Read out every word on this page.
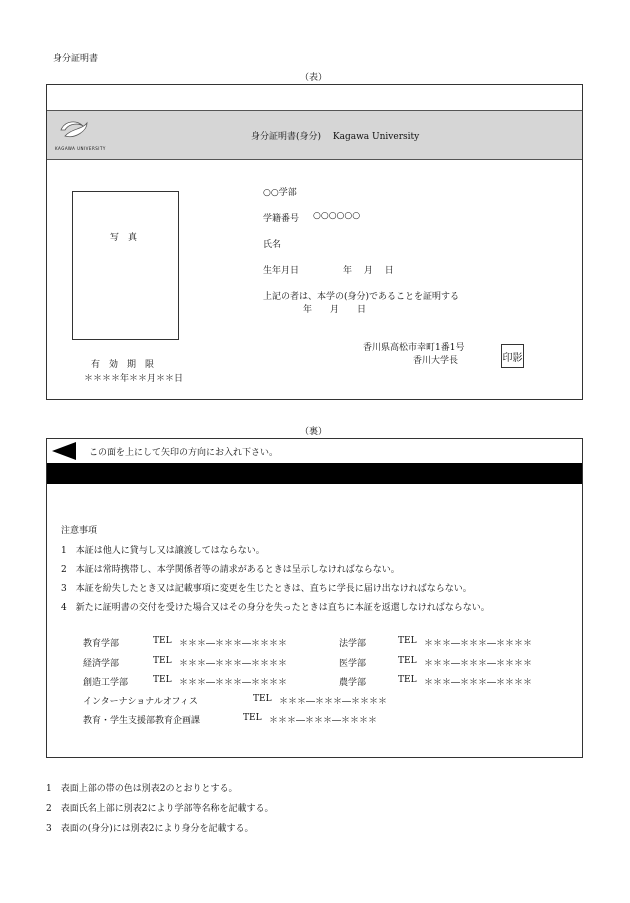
身分証明書
（表）
KAGAWA UNIVERSITY
身分証明書(身分)　 Kagawa University
写　真
○○学部
学籍番号 ○○○○○○
氏名
生年月日	年　 月　 日
上記の者は、本学の(身分)であることを証明する
年　　月　　日
有　効　期　限
＊＊＊＊年＊＊月＊＊日
香川県高松市幸町1番1号
香川大学長	印影
（裏）
この面を上にして矢印の方向にお入れ下さい。
注意事項
1　本証は他人に貸与し又は譲渡してはならない。
2　本証は常時携帯し、本学関係者等の請求があるときは呈示しなければならない。
3　本証を紛失したとき又は記載事項に変更を生じたときは、直ちに学長に届け出なければならない。
4　新たに証明書の交付を受けた場合又はその身分を失ったときは直ちに本証を返還しなければならない。
教育学部	TEL ＊＊＊―＊＊＊―＊＊＊＊	法学部	TEL ＊＊＊―＊＊＊―＊＊＊＊
経済学部	TEL ＊＊＊―＊＊＊―＊＊＊＊	医学部	TEL ＊＊＊―＊＊＊―＊＊＊＊
創造工学部	TEL ＊＊＊―＊＊＊―＊＊＊＊	農学部	TEL ＊＊＊―＊＊＊―＊＊＊＊
インターナショナルオフィス	TEL ＊＊＊―＊＊＊―＊＊＊＊
教育・学生支援部教育企画課	TEL ＊＊＊―＊＊＊―＊＊＊＊
1　表面上部の帯の色は別表2のとおりとする。
2　表面氏名上部に別表2により学部等名称を記載する。
3　表面の(身分)には別表2により身分を記載する。
